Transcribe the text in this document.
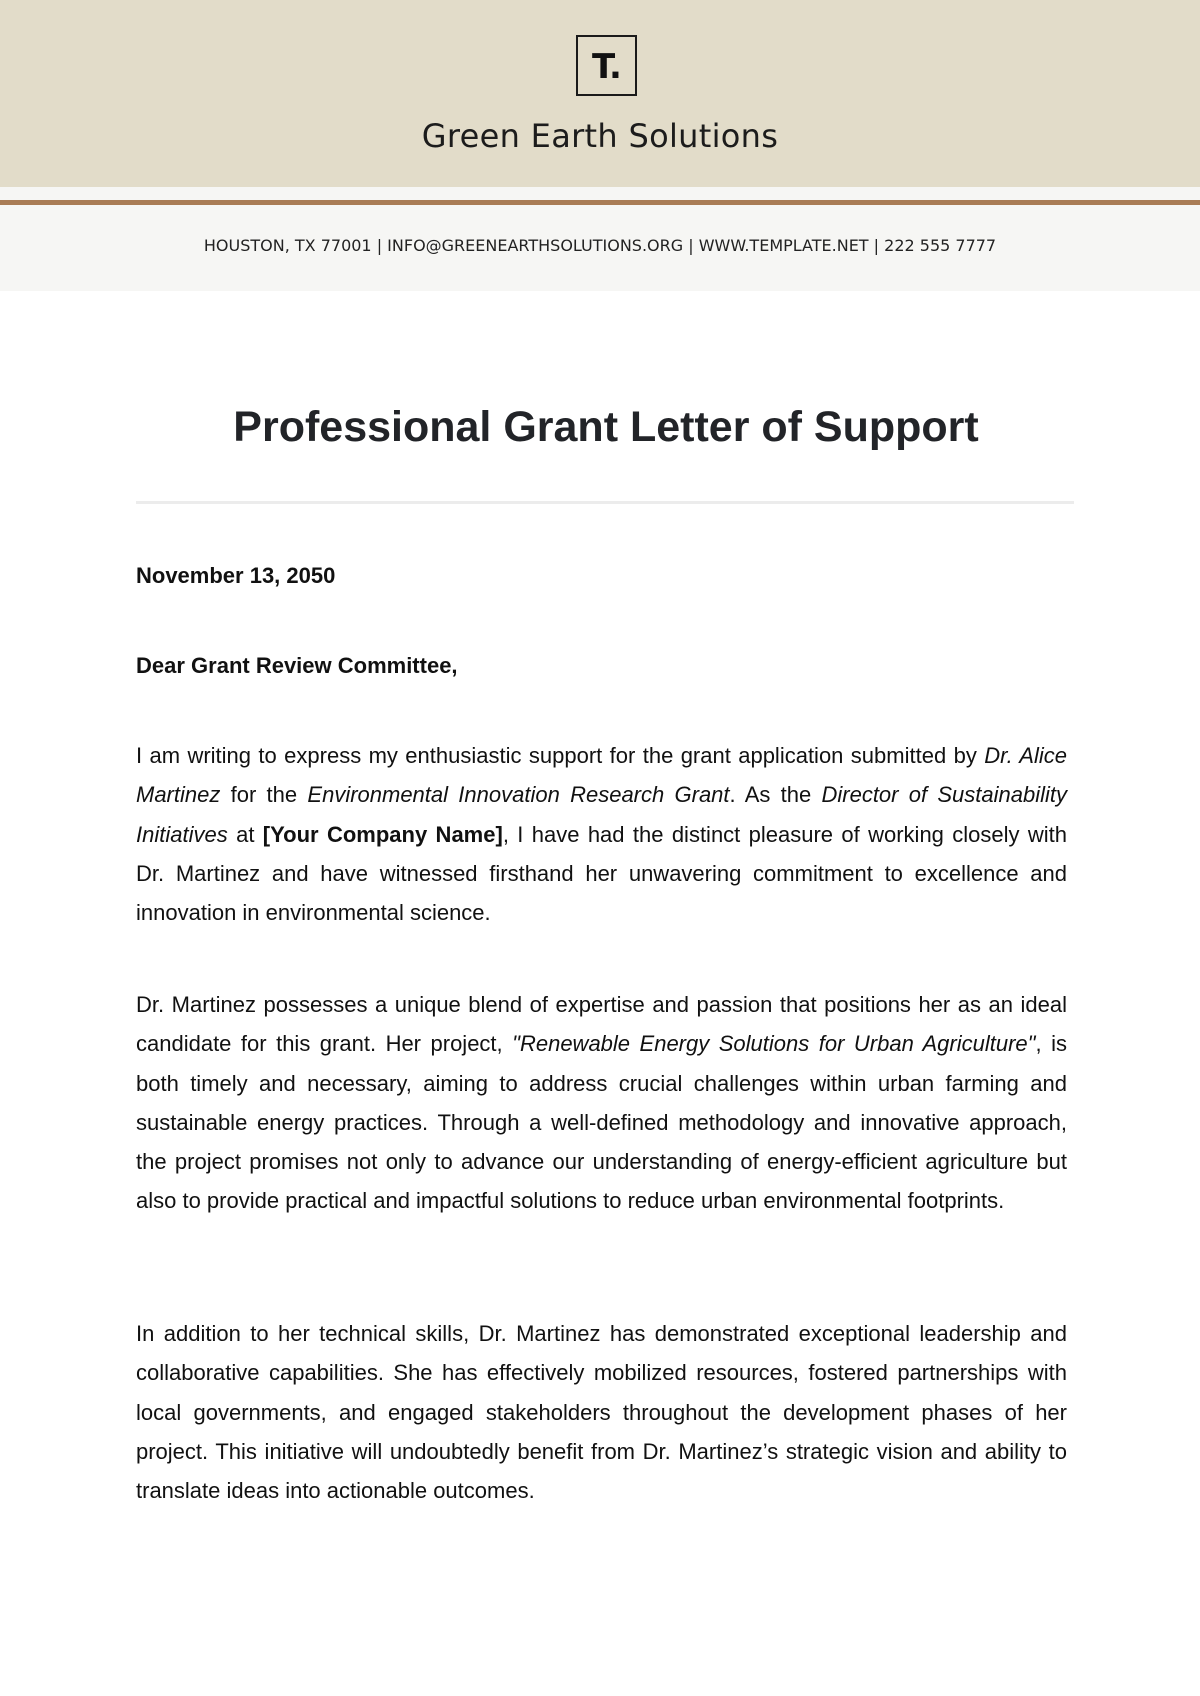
T.
Green Earth Solutions
HOUSTON, TX 77001 | INFO@GREENEARTHSOLUTIONS.ORG | WWW.TEMPLATE.NET | 222 555 7777
Professional Grant Letter of Support
November 13, 2050
Dear Grant Review Committee,

I am writing to express my enthusiastic support for the grant application submitted by Dr. Alice Martinez for the Environmental Innovation Research Grant. As the Director of Sustainability Initiatives at [Your Company Name], I have had the distinct pleasure of working closely with Dr. Martinez and have witnessed firsthand her unwavering commitment to excellence and innovation in environmental science.

Dr. Martinez possesses a unique blend of expertise and passion that positions her as an ideal candidate for this grant. Her project, "Renewable Energy Solutions for Urban Agriculture", is both timely and necessary, aiming to address crucial challenges within urban farming and sustainable energy practices. Through a well-defined methodology and innovative approach, the project promises not only to advance our understanding of energy-efficient agriculture but also to provide practical and impactful solutions to reduce urban environmental footprints.

In addition to her technical skills, Dr. Martinez has demonstrated exceptional leadership and collaborative capabilities. She has effectively mobilized resources, fostered partnerships with local governments, and engaged stakeholders throughout the development phases of her project. This initiative will undoubtedly benefit from Dr. Martinez’s strategic vision and ability to translate ideas into actionable outcomes.
